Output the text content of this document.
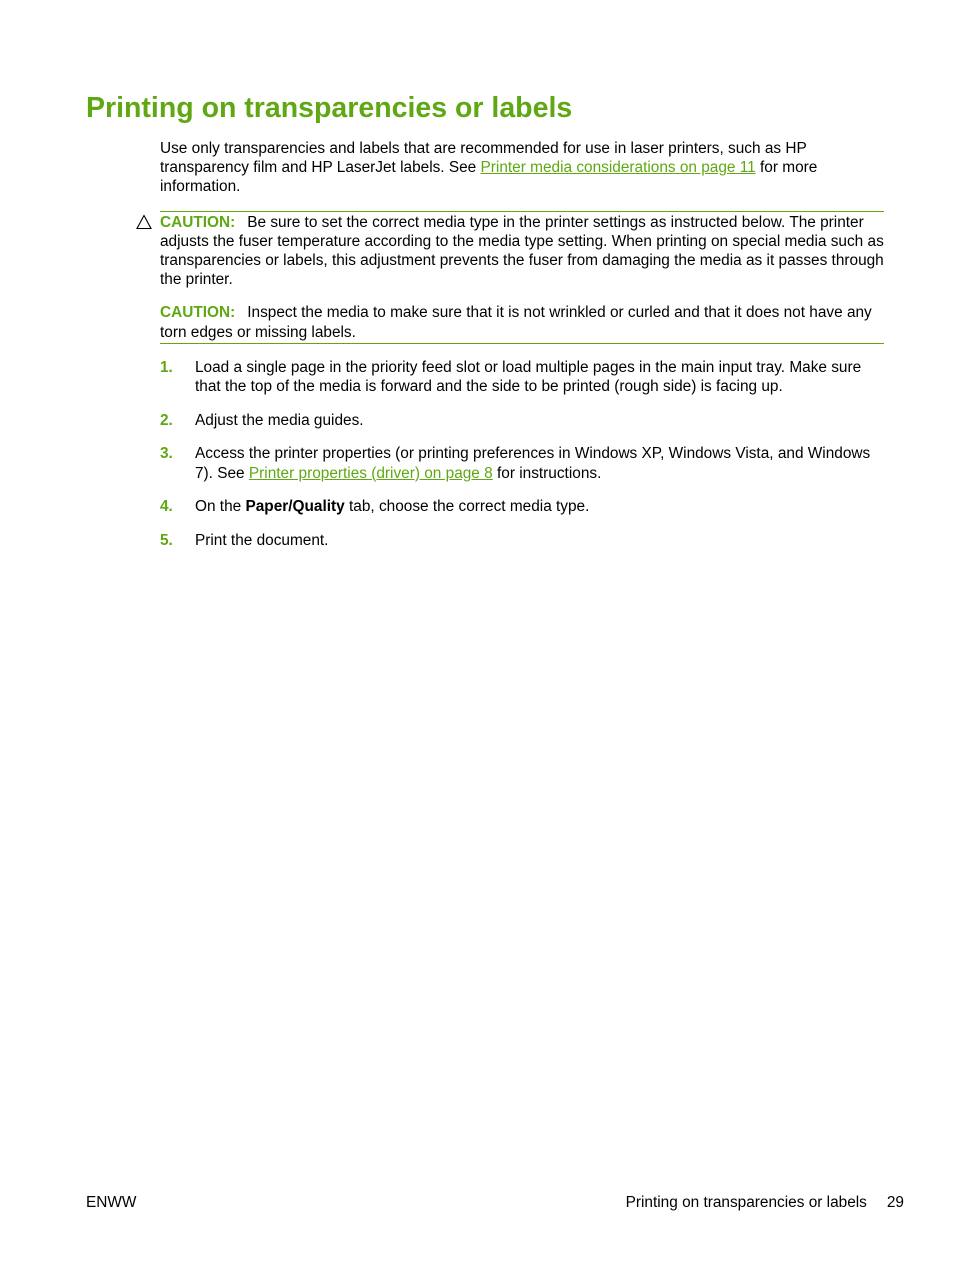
Printing on transparencies or labels

Use only transparencies and labels that are recommended for use in laser printers, such as HP transparency film and HP LaserJet labels. See Printer media considerations on page 11 for more information.

CAUTION: Be sure to set the correct media type in the printer settings as instructed below. The printer adjusts the fuser temperature according to the media type setting. When printing on special media such as transparencies or labels, this adjustment prevents the fuser from damaging the media as it passes through the printer.

CAUTION: Inspect the media to make sure that it is not wrinkled or curled and that it does not have any torn edges or missing labels.

1. Load a single page in the priority feed slot or load multiple pages in the main input tray. Make sure that the top of the media is forward and the side to be printed (rough side) is facing up.
2. Adjust the media guides.
3. Access the printer properties (or printing preferences in Windows XP, Windows Vista, and Windows 7). See Printer properties (driver) on page 8 for instructions.
4. On the Paper/Quality tab, choose the correct media type.
5. Print the document.
ENWW	Printing on transparencies or labels 29
